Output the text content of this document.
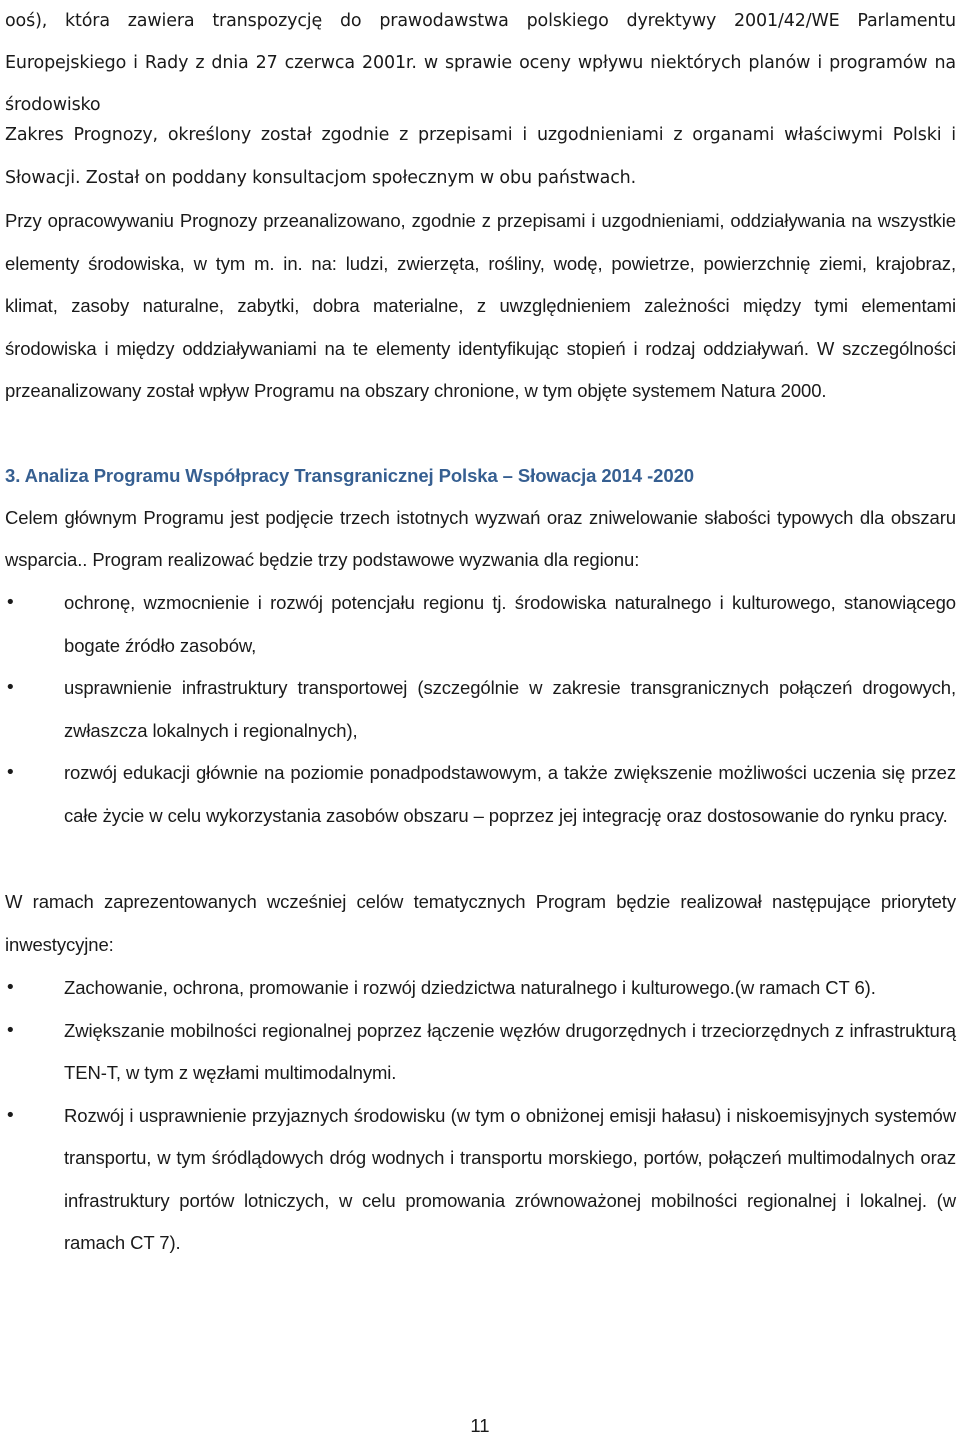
ooś), która zawiera transpozycję do prawodawstwa polskiego dyrektywy 2001/42/WE Parlamentu Europejskiego i Rady z dnia 27 czerwca 2001r. w sprawie oceny wpływu niektórych planów i programów na środowisko

Zakres Prognozy, określony został zgodnie z przepisami i uzgodnieniami z organami właściwymi Polski i Słowacji. Został on poddany konsultacjom społecznym w obu państwach.

Przy opracowywaniu Prognozy przeanalizowano, zgodnie z przepisami i uzgodnieniami, oddziaływania na wszystkie elementy środowiska, w tym m. in. na: ludzi, zwierzęta, rośliny, wodę, powietrze, powierzchnię ziemi, krajobraz, klimat, zasoby naturalne, zabytki, dobra materialne, z uwzględnieniem zależności między tymi elementami środowiska i między oddziaływaniami na te elementy identyfikując stopień i rodzaj oddziaływań. W szczególności przeanalizowany został wpływ Programu na obszary chronione, w tym objęte systemem Natura 2000.

3. Analiza Programu Współpracy Transgranicznej Polska – Słowacja 2014 -2020

Celem głównym Programu jest podjęcie trzech istotnych wyzwań oraz zniwelowanie słabości typowych dla obszaru wsparcia.. Program realizować będzie trzy podstawowe wyzwania dla regionu:

•	ochronę, wzmocnienie i rozwój potencjału regionu tj. środowiska naturalnego i kulturowego, stanowiącego bogate źródło zasobów,
•	usprawnienie infrastruktury transportowej (szczególnie w zakresie transgranicznych połączeń drogowych, zwłaszcza lokalnych i regionalnych),
•	rozwój edukacji głównie na poziomie ponadpodstawowym, a także zwiększenie możliwości uczenia się przez całe życie w celu wykorzystania zasobów obszaru – poprzez jej integrację oraz dostosowanie do rynku pracy.

W ramach zaprezentowanych wcześniej celów tematycznych Program będzie realizował następujące priorytety inwestycyjne:

•	Zachowanie, ochrona, promowanie i rozwój dziedzictwa naturalnego i kulturowego.(w ramach CT 6).
•	Zwiększanie mobilności regionalnej poprzez łączenie węzłów drugorzędnych i trzeciorzędnych z infrastrukturą TEN-T, w tym z węzłami multimodalnymi.
•	Rozwój i usprawnienie przyjaznych środowisku (w tym o obniżonej emisji hałasu) i niskoemisyjnych systemów transportu, w tym śródlądowych dróg wodnych i transportu morskiego, portów, połączeń multimodalnych oraz infrastruktury portów lotniczych, w celu promowania zrównoważonej mobilności regionalnej i lokalnej. (w ramach CT 7).
11
